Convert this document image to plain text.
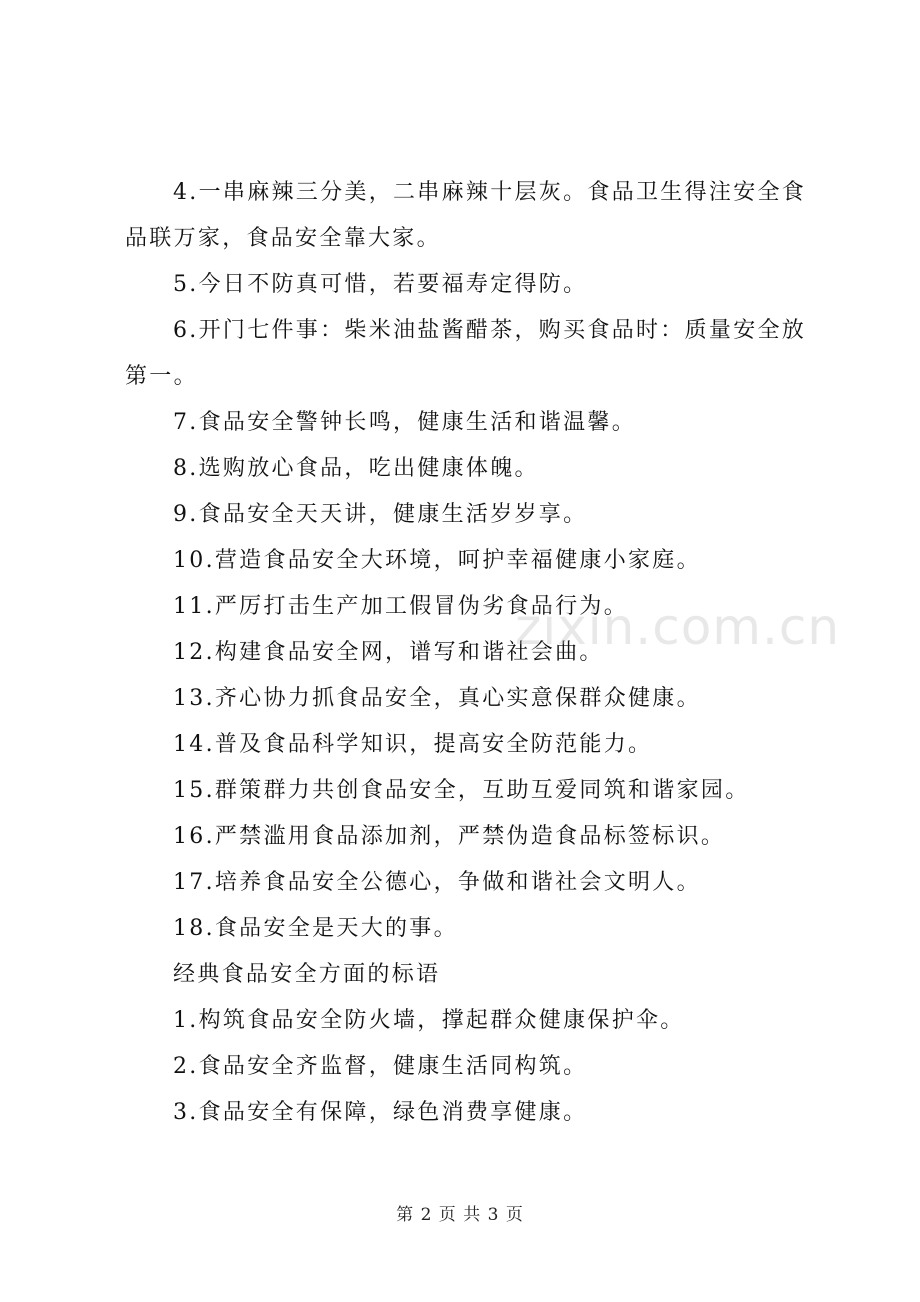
4.一串麻辣三分美，二串麻辣十层灰。食品卫生得注安全食品联万家，食品安全靠大家。

5.今日不防真可惜，若要福寿定得防。

6.开门七件事：柴米油盐酱醋茶，购买食品时：质量安全放第一。

7.食品安全警钟长鸣，健康生活和谐温馨。

8.选购放心食品，吃出健康体魄。

9.食品安全天天讲，健康生活岁岁享。

10.营造食品安全大环境，呵护幸福健康小家庭。

11.严厉打击生产加工假冒伪劣食品行为。

12.构建食品安全网，谱写和谐社会曲。

13.齐心协力抓食品安全，真心实意保群众健康。

14.普及食品科学知识，提高安全防范能力。

15.群策群力共创食品安全，互助互爱同筑和谐家园。

16.严禁滥用食品添加剂，严禁伪造食品标签标识。

17.培养食品安全公德心，争做和谐社会文明人。

18.食品安全是天大的事。

经典食品安全方面的标语

1.构筑食品安全防火墙，撑起群众健康保护伞。

2.食品安全齐监督，健康生活同构筑。

3.食品安全有保障，绿色消费享健康。

zixin.com.cn
第 2 页 共 3 页
